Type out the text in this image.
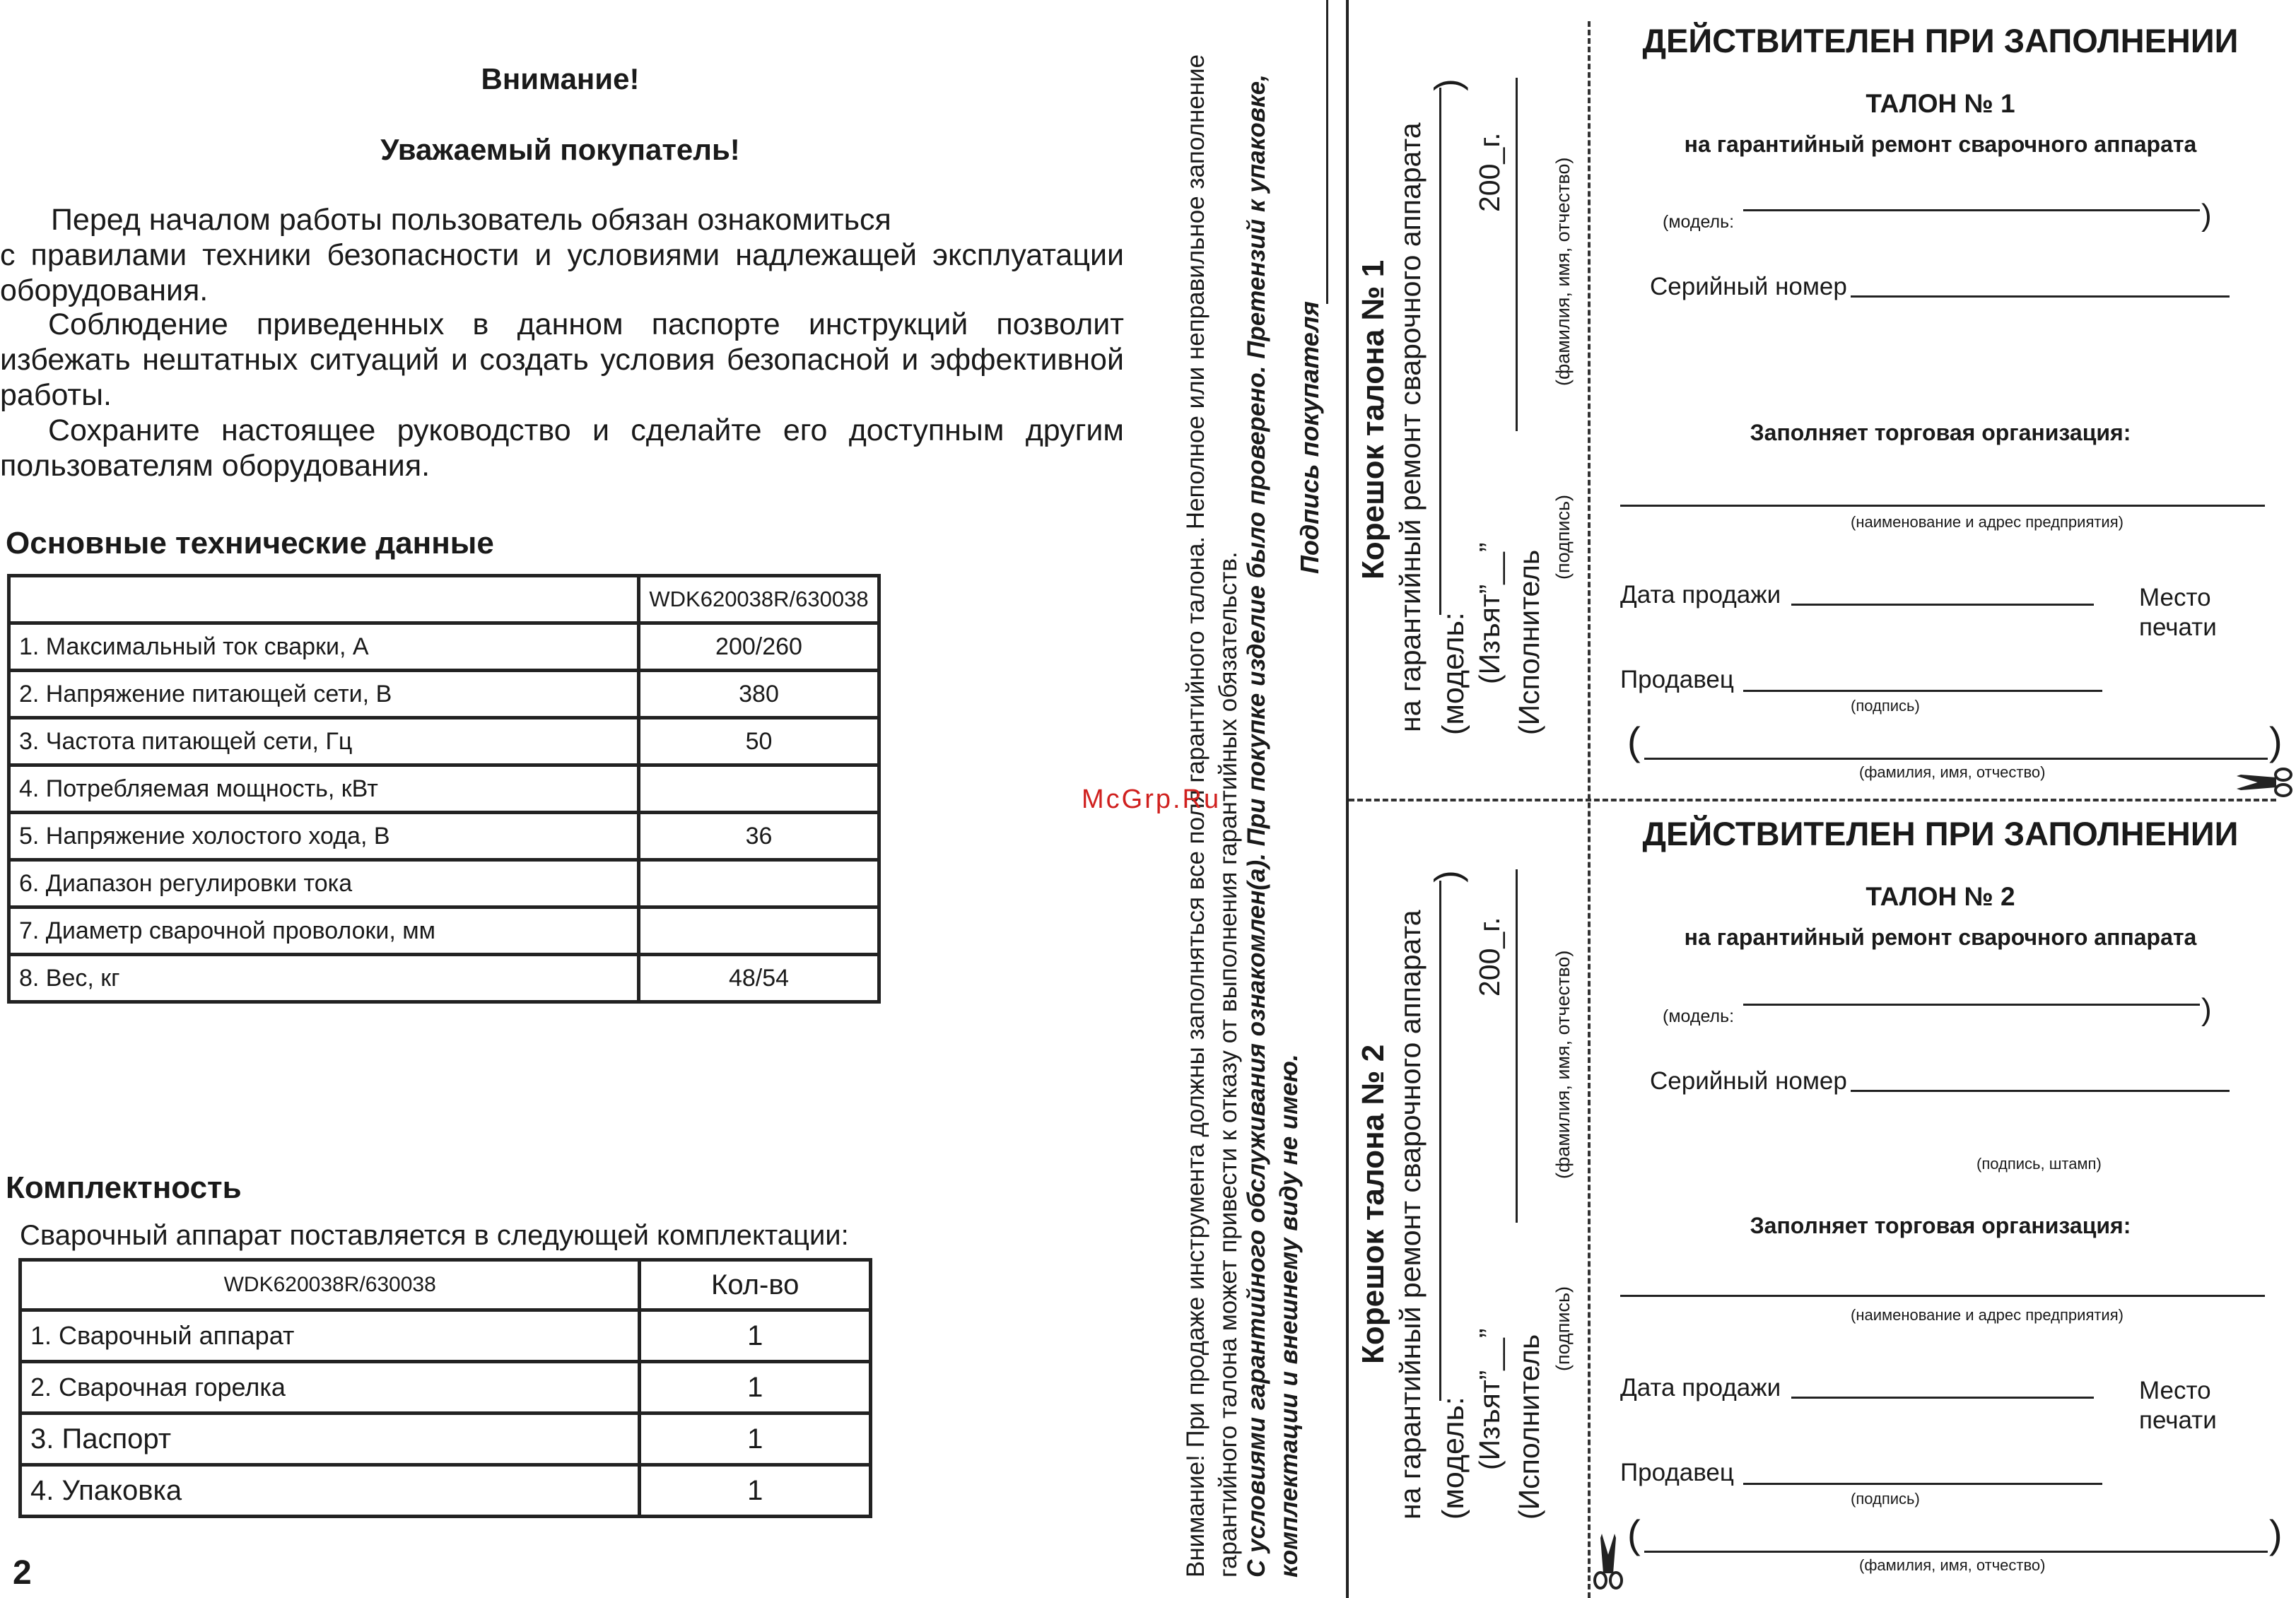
Внимание!
Уважаемый покупатель!
Перед началом работы пользователь обязан ознакомиться
с правилами техники безопасности и условиями надлежащей эксплуатации оборудования.
Соблюдение приведенных в данном паспорте инструкций позволит избежать нештатных ситуаций и создать условия безопасной и эффективной работы.
Сохраните настоящее руководство и сделайте его доступным другим пользователям оборудования.
Основные технические данные
	WDK620038R/630038
1. Максимальный ток сварки, А	200/260
2. Напряжение питающей сети, В	380
3. Частота питающей сети, Гц	50
4. Потребляемая мощность, кВт	
5. Напряжение холостого хода, В	36
6. Диапазон регулировки тока	
7. Диаметр сварочной проволоки, мм	
8. Вес, кг	48/54
Комплектность
Сварочный аппарат поставляется в следующей комплектации:
WDK620038R/630038	Кол-во
1. Сварочный аппарат	1
2. Сварочная горелка	1
3. Паспорт	1
4. Упаковка	1
2	Внимание! При продаже инструмента должны заполняться все поля гарантийного талона. Неполное или неправильное заполнение гарантийного талона может привести к отказу от выполнения гарантийных обязательств. С условиями гарантийного обслуживания ознакомлен(а). При покупке изделие было проверено. Претензий к упаковке, комплектации и внешнему виду не имею.
Подпись покупателя
McGrp.Ru
Корешок талона № 1 на гарантийный ремонт сварочного аппарата (модель:
)
(Изъят”__”
200_г.
(Исполнитель
(подпись)
(фамилия, имя, отчество)
Корешок талона № 2 на гарантийный ремонт сварочного аппарата (модель:
)
(Изъят”__”
200_г.
(Исполнитель
(подпись)
(фамилия, имя, отчество)
ДЕЙСТВИТЕЛЕН ПРИ ЗАПОЛНЕНИИ
ТАЛОН № 1
на гарантийный ремонт сварочного аппарата
(модель:	)
Серийный номер
Заполняет торговая организация:
(наименование и адрес предприятия)
Дата продажи	Место
печати
Продавец
(подпись)
(	)
(фамилия, имя, отчество)
ДЕЙСТВИТЕЛЕН ПРИ ЗАПОЛНЕНИИ
ТАЛОН № 2
на гарантийный ремонт сварочного аппарата
(модель:	)
Серийный номер
(подпись, штамп)
Заполняет торговая организация:
(наименование и адрес предприятия)
Дата продажи	Место
печати
Продавец
(подпись)
(	)
(фамилия, имя, отчество)
